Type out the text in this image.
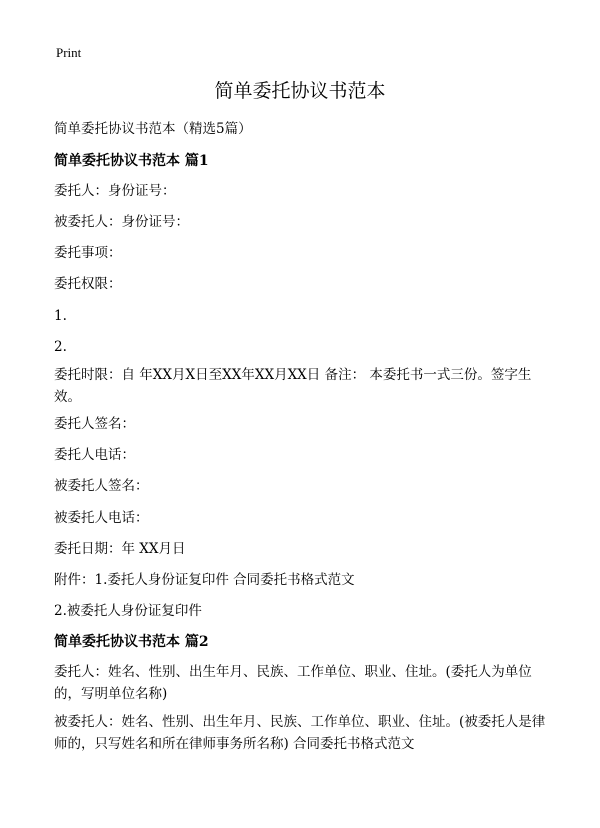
Print
简单委托协议书范本

简单委托协议书范本（精选5篇）

简单委托协议书范本 篇1

委托人：身份证号：

被委托人：身份证号：

委托事项：

委托权限：

1.

2.

委托时限：自 年XX月X日至XX年XX月XX日 备注： 本委托书一式三份。签字生效。

委托人签名：

委托人电话：

被委托人签名：

被委托人电话：

委托日期：年 XX月日

附件：1.委托人身份证复印件 合同委托书格式范文

2.被委托人身份证复印件

简单委托协议书范本 篇2

委托人：姓名、性别、出生年月、民族、工作单位、职业、住址。(委托人为单位的，写明单位名称)

被委托人：姓名、性别、出生年月、民族、工作单位、职业、住址。(被委托人是律师的，只写姓名和所在律师事务所名称) 合同委托书格式范文
